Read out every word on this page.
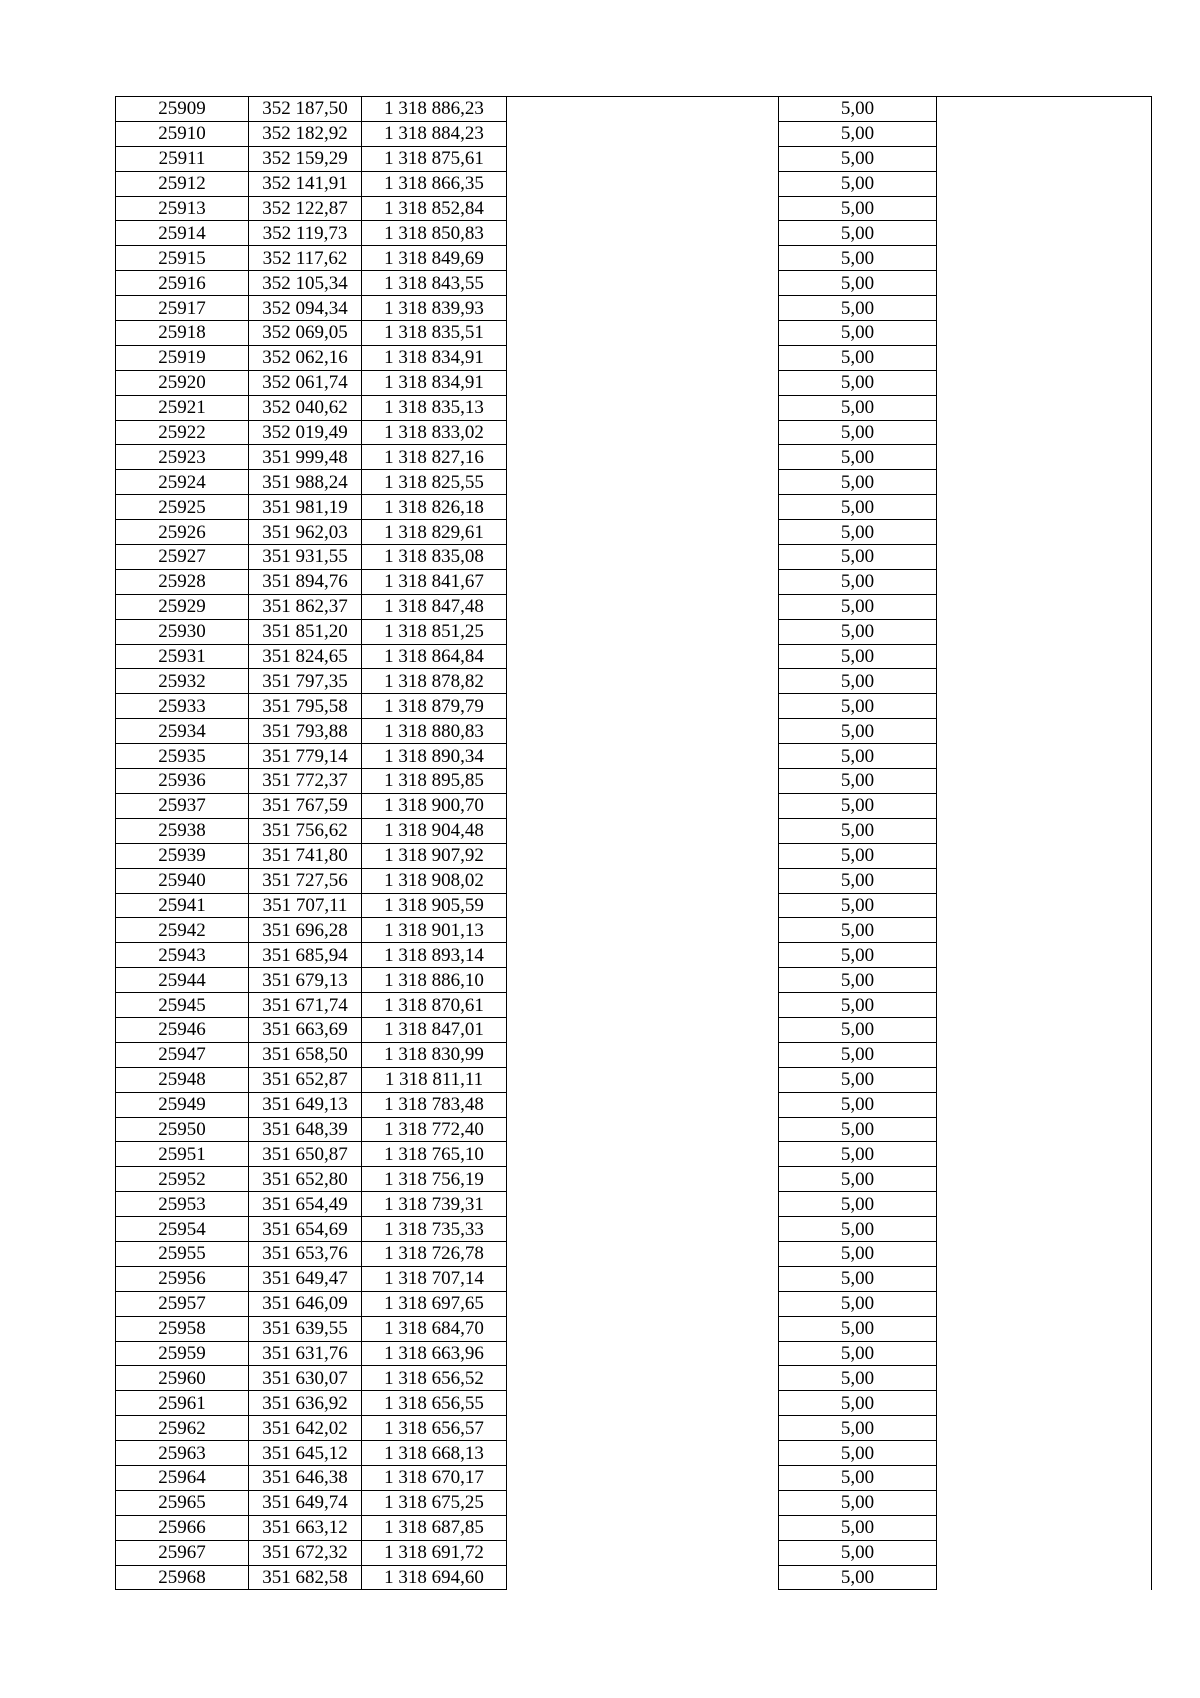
25909	352 187,50	1 318 886,23		5,00	
25910	352 182,92	1 318 884,23		5,00	
25911	352 159,29	1 318 875,61		5,00	
25912	352 141,91	1 318 866,35		5,00	
25913	352 122,87	1 318 852,84		5,00	
25914	352 119,73	1 318 850,83		5,00	
25915	352 117,62	1 318 849,69		5,00	
25916	352 105,34	1 318 843,55		5,00	
25917	352 094,34	1 318 839,93		5,00	
25918	352 069,05	1 318 835,51		5,00	
25919	352 062,16	1 318 834,91		5,00	
25920	352 061,74	1 318 834,91		5,00	
25921	352 040,62	1 318 835,13		5,00	
25922	352 019,49	1 318 833,02		5,00	
25923	351 999,48	1 318 827,16		5,00	
25924	351 988,24	1 318 825,55		5,00	
25925	351 981,19	1 318 826,18		5,00	
25926	351 962,03	1 318 829,61		5,00	
25927	351 931,55	1 318 835,08		5,00	
25928	351 894,76	1 318 841,67		5,00	
25929	351 862,37	1 318 847,48		5,00	
25930	351 851,20	1 318 851,25		5,00	
25931	351 824,65	1 318 864,84		5,00	
25932	351 797,35	1 318 878,82		5,00	
25933	351 795,58	1 318 879,79		5,00	
25934	351 793,88	1 318 880,83		5,00	
25935	351 779,14	1 318 890,34		5,00	
25936	351 772,37	1 318 895,85		5,00	
25937	351 767,59	1 318 900,70		5,00	
25938	351 756,62	1 318 904,48		5,00	
25939	351 741,80	1 318 907,92		5,00	
25940	351 727,56	1 318 908,02		5,00	
25941	351 707,11	1 318 905,59		5,00	
25942	351 696,28	1 318 901,13		5,00	
25943	351 685,94	1 318 893,14		5,00	
25944	351 679,13	1 318 886,10		5,00	
25945	351 671,74	1 318 870,61		5,00	
25946	351 663,69	1 318 847,01		5,00	
25947	351 658,50	1 318 830,99		5,00	
25948	351 652,87	1 318 811,11		5,00	
25949	351 649,13	1 318 783,48		5,00	
25950	351 648,39	1 318 772,40		5,00	
25951	351 650,87	1 318 765,10		5,00	
25952	351 652,80	1 318 756,19		5,00	
25953	351 654,49	1 318 739,31		5,00	
25954	351 654,69	1 318 735,33		5,00	
25955	351 653,76	1 318 726,78		5,00	
25956	351 649,47	1 318 707,14		5,00	
25957	351 646,09	1 318 697,65		5,00	
25958	351 639,55	1 318 684,70		5,00	
25959	351 631,76	1 318 663,96		5,00	
25960	351 630,07	1 318 656,52		5,00	
25961	351 636,92	1 318 656,55		5,00	
25962	351 642,02	1 318 656,57		5,00	
25963	351 645,12	1 318 668,13		5,00	
25964	351 646,38	1 318 670,17		5,00	
25965	351 649,74	1 318 675,25		5,00	
25966	351 663,12	1 318 687,85		5,00	
25967	351 672,32	1 318 691,72		5,00	
25968	351 682,58	1 318 694,60		5,00	
